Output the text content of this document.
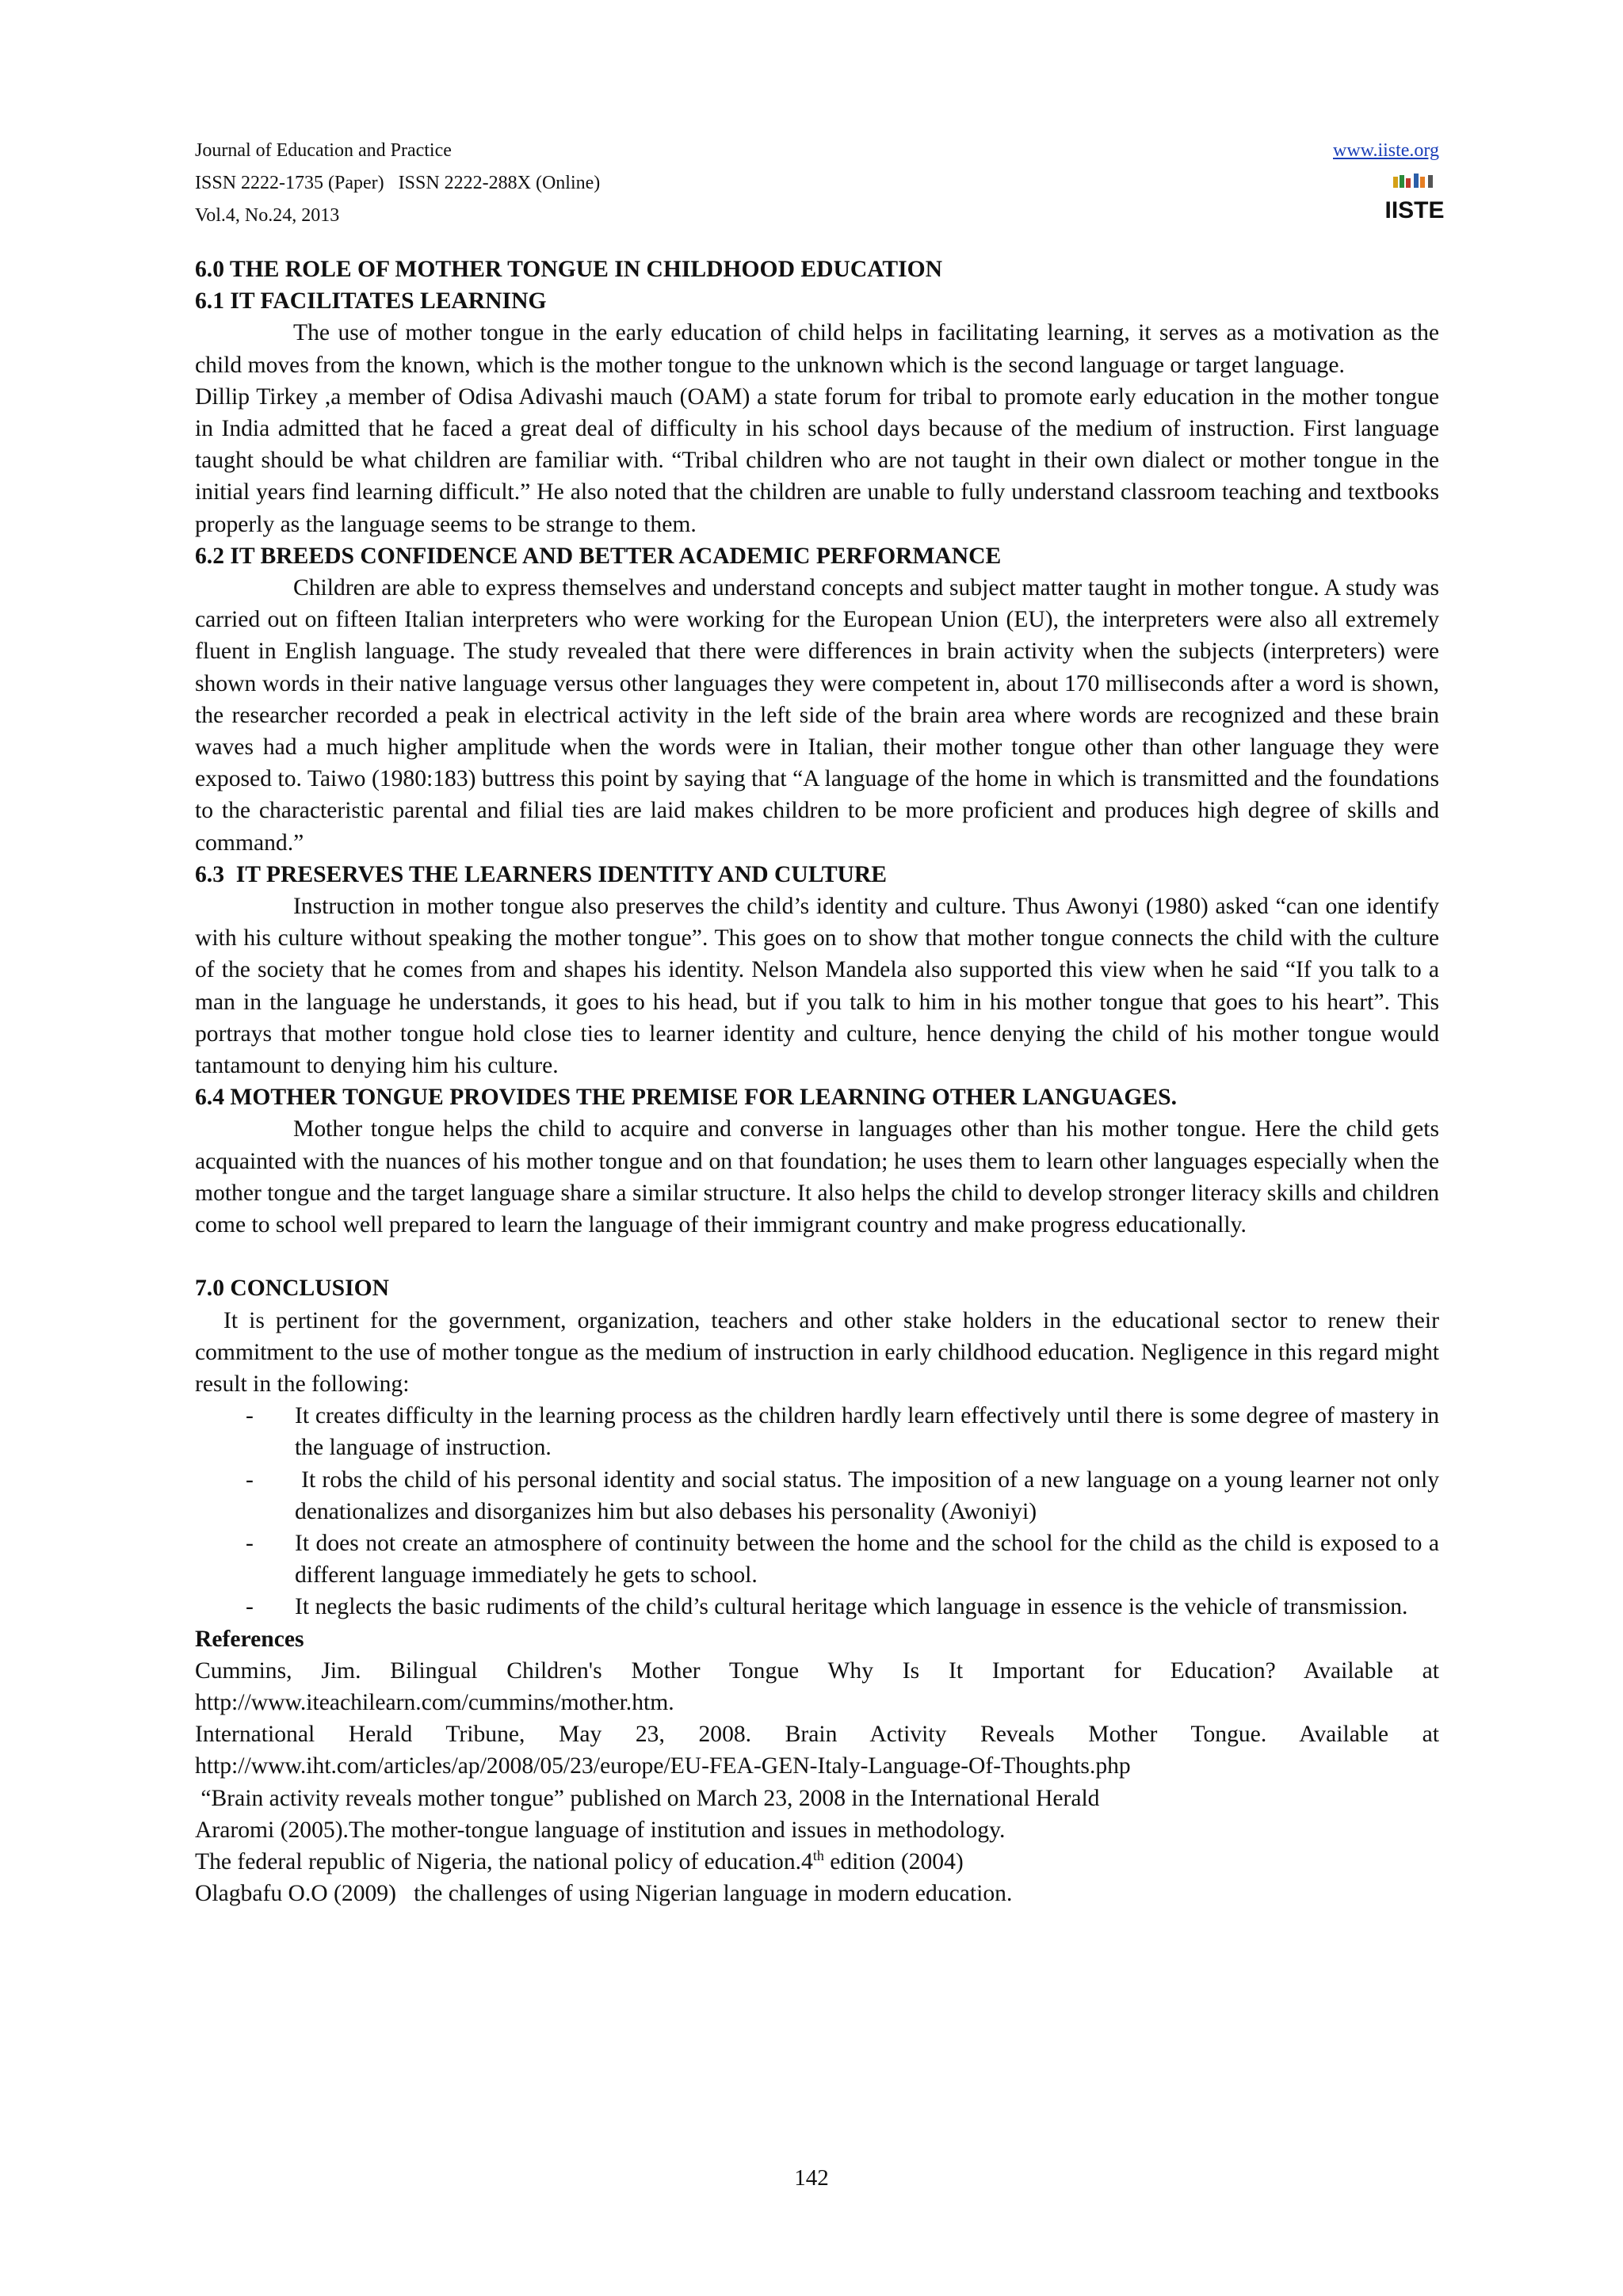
Journal of Education and Practice
ISSN 2222-1735 (Paper)   ISSN 2222-288X (Online)
Vol.4, No.24, 2013
www.iiste.org

IISTE

6.0 THE ROLE OF MOTHER TONGUE IN CHILDHOOD EDUCATION

6.1 IT FACILITATES LEARNING

The use of mother tongue in the early education of child helps in facilitating learning, it serves as a motivation as the child moves from the known, which is the mother tongue to the unknown which is the second language or target language.

Dillip Tirkey ,a member of Odisa Adivashi mauch (OAM) a state forum for tribal to promote early education in the mother tongue in India admitted that he faced a great deal of difficulty in his school days because of the medium of instruction. First language taught should be what children are familiar with. “Tribal children who are not taught in their own dialect or mother tongue in the initial years find learning difficult.” He also noted that the children are unable to fully understand classroom teaching and textbooks properly as the language seems to be strange to them.

6.2 IT BREEDS CONFIDENCE AND BETTER ACADEMIC PERFORMANCE

Children are able to express themselves and understand concepts and subject matter taught in mother tongue. A study was carried out on fifteen Italian interpreters who were working for the European Union (EU), the interpreters were also all extremely fluent in English language. The study revealed that there were differences in brain activity when the subjects (interpreters) were shown words in their native language versus other languages they were competent in, about 170 milliseconds after a word is shown, the researcher recorded a peak in electrical activity in the left side of the brain area where words are recognized and these brain waves had a much higher amplitude when the words were in Italian, their mother tongue other than other language they were exposed to. Taiwo (1980:183) buttress this point by saying that “A language of the home in which is transmitted and the foundations to the characteristic parental and filial ties are laid makes children to be more proficient and produces high degree of skills and command.”

6.3  IT PRESERVES THE LEARNERS IDENTITY AND CULTURE

Instruction in mother tongue also preserves the child’s identity and culture. Thus Awonyi (1980) asked “can one identify with his culture without speaking the mother tongue”. This goes on to show that mother tongue connects the child with the culture of the society that he comes from and shapes his identity. Nelson Mandela also supported this view when he said “If you talk to a man in the language he understands, it goes to his head, but if you talk to him in his mother tongue that goes to his heart”. This portrays that mother tongue hold close ties to learner identity and culture, hence denying the child of his mother tongue would tantamount to denying him his culture.

6.4 MOTHER TONGUE PROVIDES THE PREMISE FOR LEARNING OTHER LANGUAGES.

Mother tongue helps the child to acquire and converse in languages other than his mother tongue. Here the child gets acquainted with the nuances of his mother tongue and on that foundation; he uses them to learn other languages especially when the mother tongue and the target language share a similar structure. It also helps the child to develop stronger literacy skills and children come to school well prepared to learn the language of their immigrant country and make progress educationally.

7.0 CONCLUSION

It is pertinent for the government, organization, teachers and other stake holders in the educational sector to renew their commitment to the use of mother tongue as the medium of instruction in early childhood education. Negligence in this regard might result in the following:

- It creates difficulty in the learning process as the children hardly learn effectively until there is some degree of mastery in the language of instruction.
- It robs the child of his personal identity and social status. The imposition of a new language on a young learner not only denationalizes and disorganizes him but also debases his personality (Awoniyi)
- It does not create an atmosphere of continuity between the home and the school for the child as the child is exposed to a different language immediately he gets to school.
- It neglects the basic rudiments of the child’s cultural heritage which language in essence is the vehicle of transmission.

References

Cummins, Jim. Bilingual Children's Mother Tongue Why Is It Important for Education? Available at http://www.iteachilearn.com/cummins/mother.htm.

International Herald Tribune, May 23, 2008. Brain Activity Reveals Mother Tongue. Available at http://www.iht.com/articles/ap/2008/05/23/europe/EU-FEA-GEN-Italy-Language-Of-Thoughts.php

“Brain activity reveals mother tongue” published on March 23, 2008 in the International Herald

Araromi (2005).The mother-tongue language of institution and issues in methodology.

The federal republic of Nigeria, the national policy of education.4th edition (2004)

Olagbafu O.O (2009)   the challenges of using Nigerian language in modern education.

142
